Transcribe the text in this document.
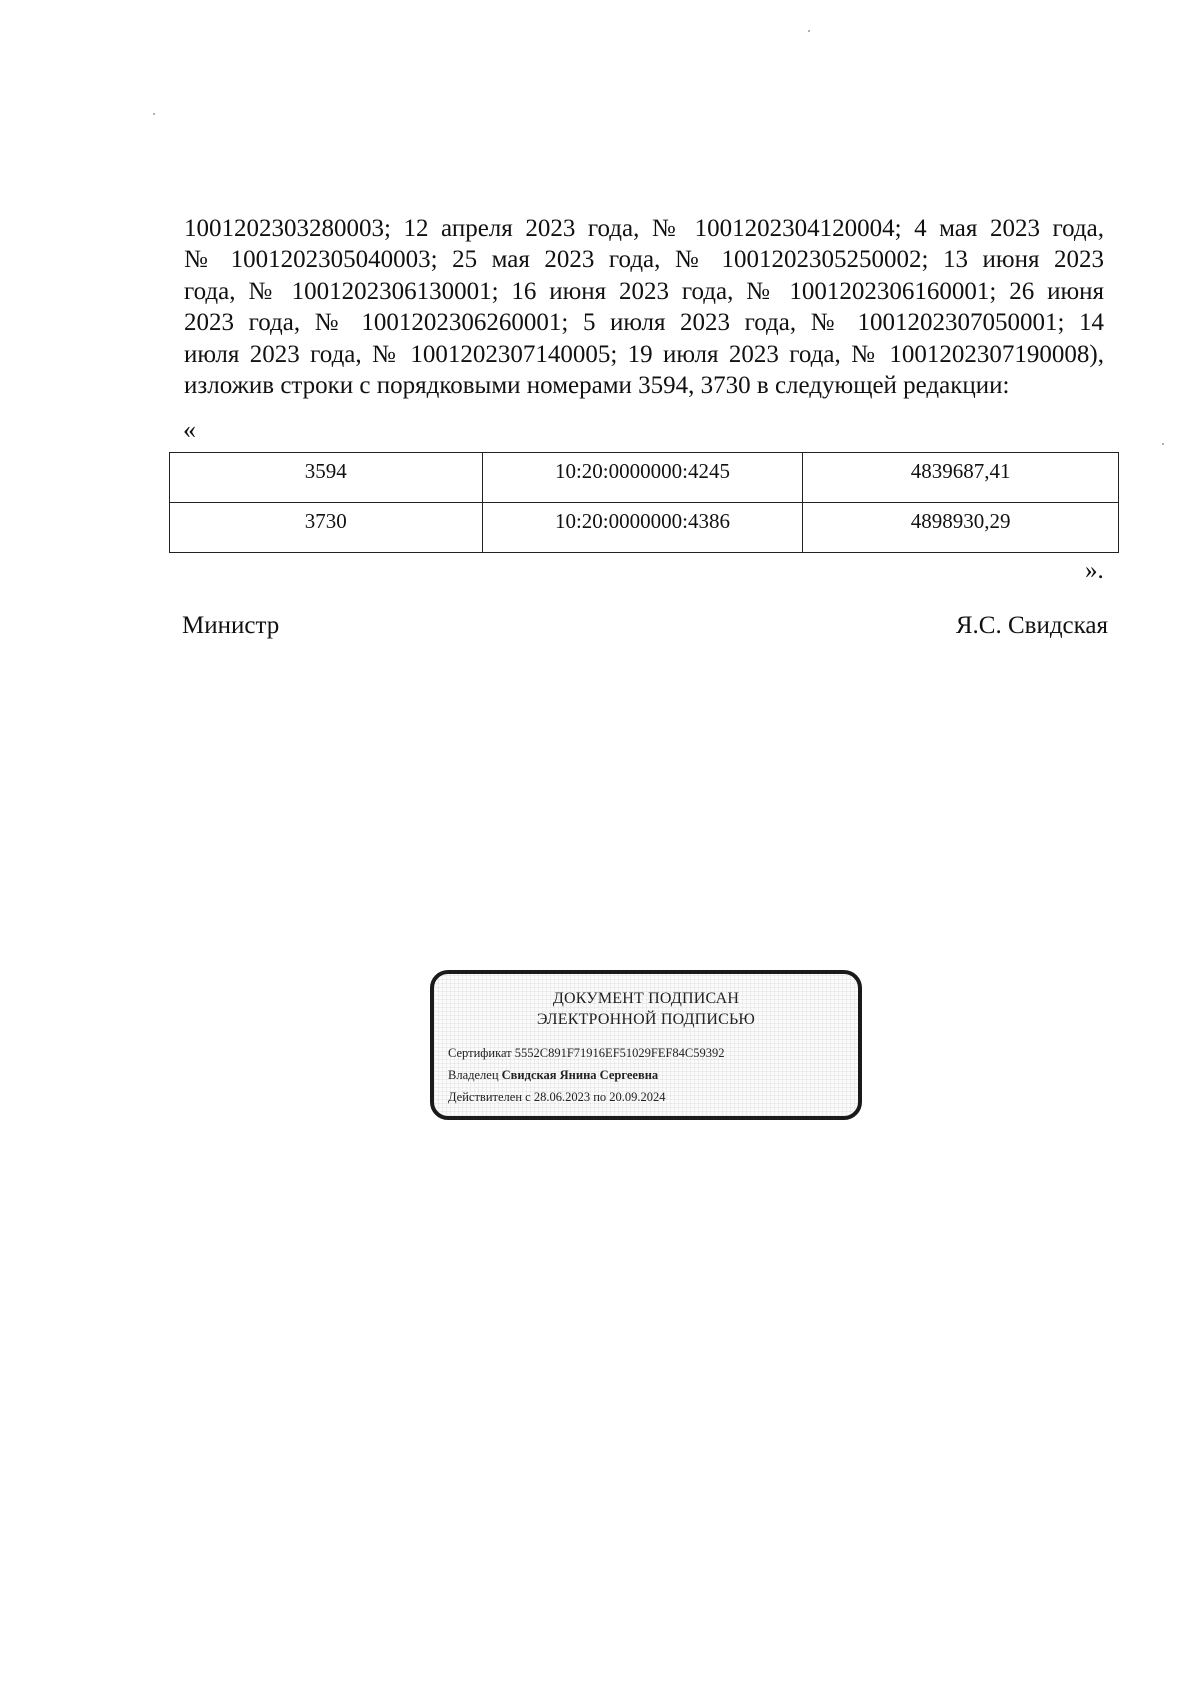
1001202303280003; 12 апреля 2023 года, № 1001202304120004; 4 мая 2023 года,
№ 1001202305040003; 25 мая 2023 года, № 1001202305250002; 13 июня 2023
года, № 1001202306130001; 16 июня 2023 года, № 1001202306160001; 26 июня
2023 года, № 1001202306260001; 5 июля 2023 года, № 1001202307050001; 14
июля 2023 года, № 1001202307140005; 19 июля 2023 года, № 1001202307190008),
изложив строки с порядковыми номерами 3594, 3730 в следующей редакции:
«
3594	10:20:0000000:4245	4839687,41
3730	10:20:0000000:4386	4898930,29
».
Министр	Я.С. Свидская
ДОКУМЕНТ ПОДПИСАН
ЭЛЕКТРОННОЙ ПОДПИСЬЮ
Сертификат 5552C891F71916EF51029FEF84C59392
Владелец Свидская Янина Сергеевна
Действителен с 28.06.2023 по 20.09.2024
